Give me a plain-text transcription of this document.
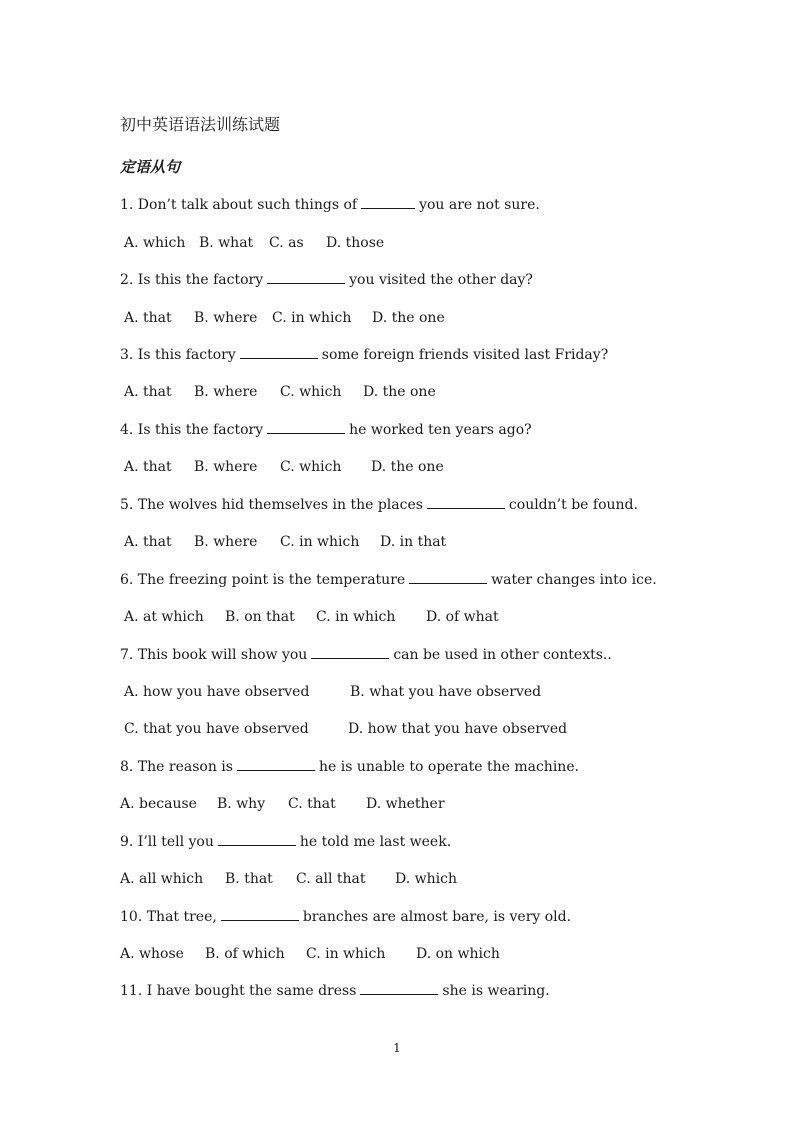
初中英语语法训练试题
定语从句
1. Don’t talk about such things of	you are not sure.
A. which B. what C. as D. those
2. Is this the factory	you visited the other day?
A. that B. where C. in which D. the one
3. Is this factory	some foreign friends visited last Friday?
A. that B. where C. which D. the one
4. Is this the factory	he worked ten years ago?
A. that B. where C. which D. the one
5. The wolves hid themselves in the places	couldn’t be found.
A. that B. where C. in which D. in that
6. The freezing point is the temperature	water changes into ice.
A. at which B. on that C. in which D. of what
7. This book will show you	can be used in other contexts..
A. how you have observed	B. what you have observed
C. that you have observed	D. how that you have observed
8. The reason is	he is unable to operate the machine.
A. because B. why C. that D. whether
9. I’ll tell you	he told me last week.
A. all which B. that C. all that D. which
10. That tree,	branches are almost bare, is very old.
A. whose B. of which C. in which D. on which
11. I have bought the same dress	she is wearing.
1
